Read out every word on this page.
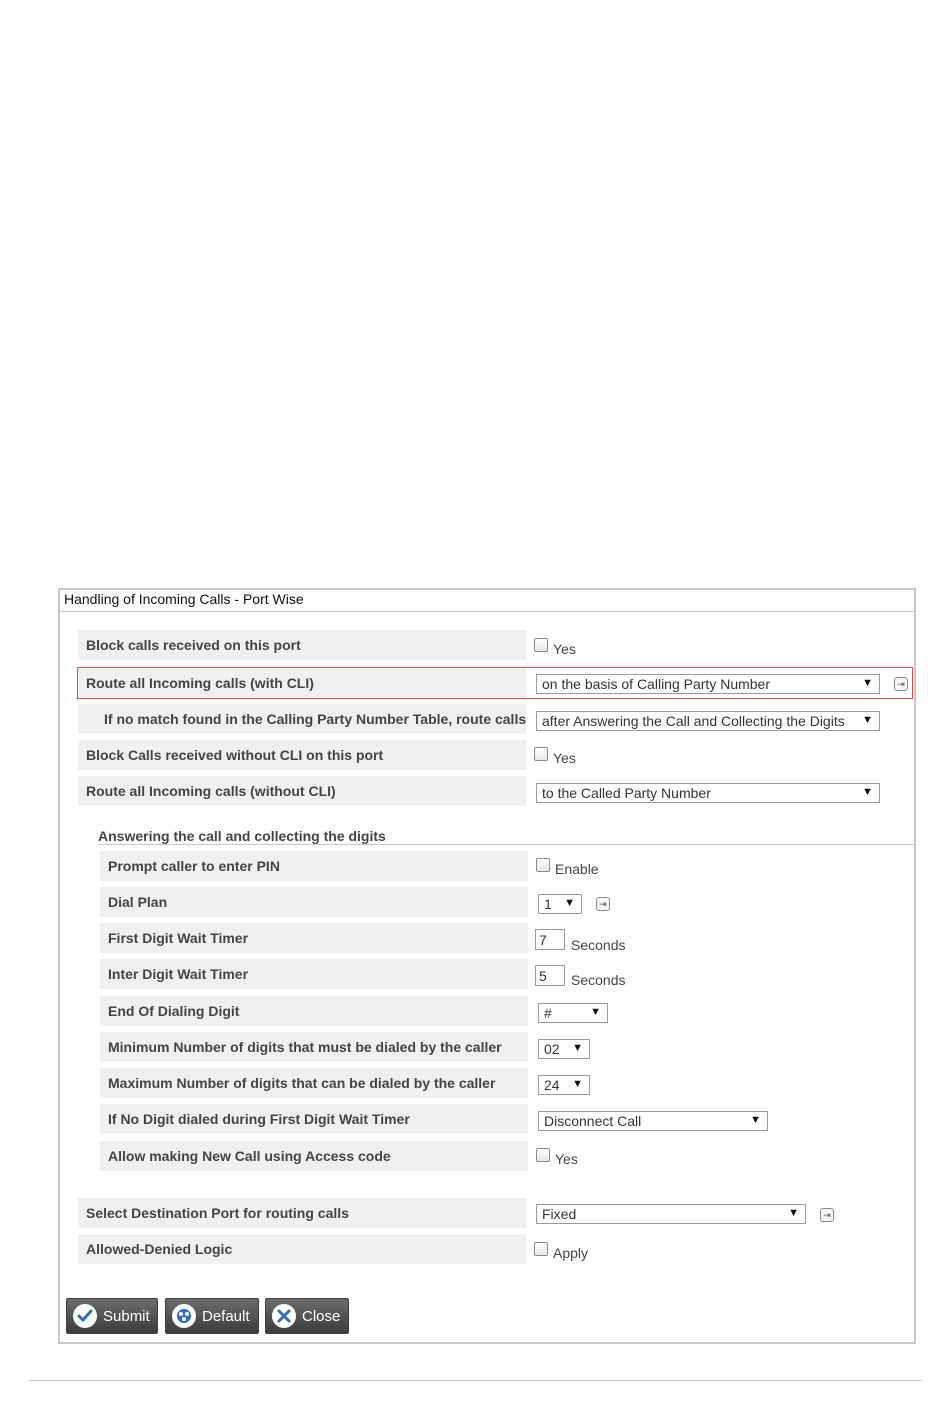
Handling of Incoming Calls - Port Wise
Block calls received on this port	Yes
Route all Incoming calls (with CLI)	on the basis of Calling Party Number	▼	⇥
If no match found in the Calling Party Number Table, route calls	after Answering the Call and Collecting the Digits ▼
Block Calls received without CLI on this port	Yes
Route all Incoming calls (without CLI)	to the Called Party Number	▼
Answering the call and collecting the digits
Prompt caller to enter PIN	Enable
Dial Plan	1 ▼	⇥
First Digit Wait Timer
7	Seconds
Inter Digit Wait Timer
5	Seconds
End Of Dialing Digit	#	▼
Minimum Number of digits that must be dialed by the caller	02 ▼
Maximum Number of digits that can be dialed by the caller	24 ▼
If No Digit dialed during First Digit Wait Timer	Disconnect Call	▼
Allow making New Call using Access code	Yes
Select Destination Port for routing calls	Fixed	▼	⇥
Allowed-Denied Logic	Apply
Submit	Default	Close
